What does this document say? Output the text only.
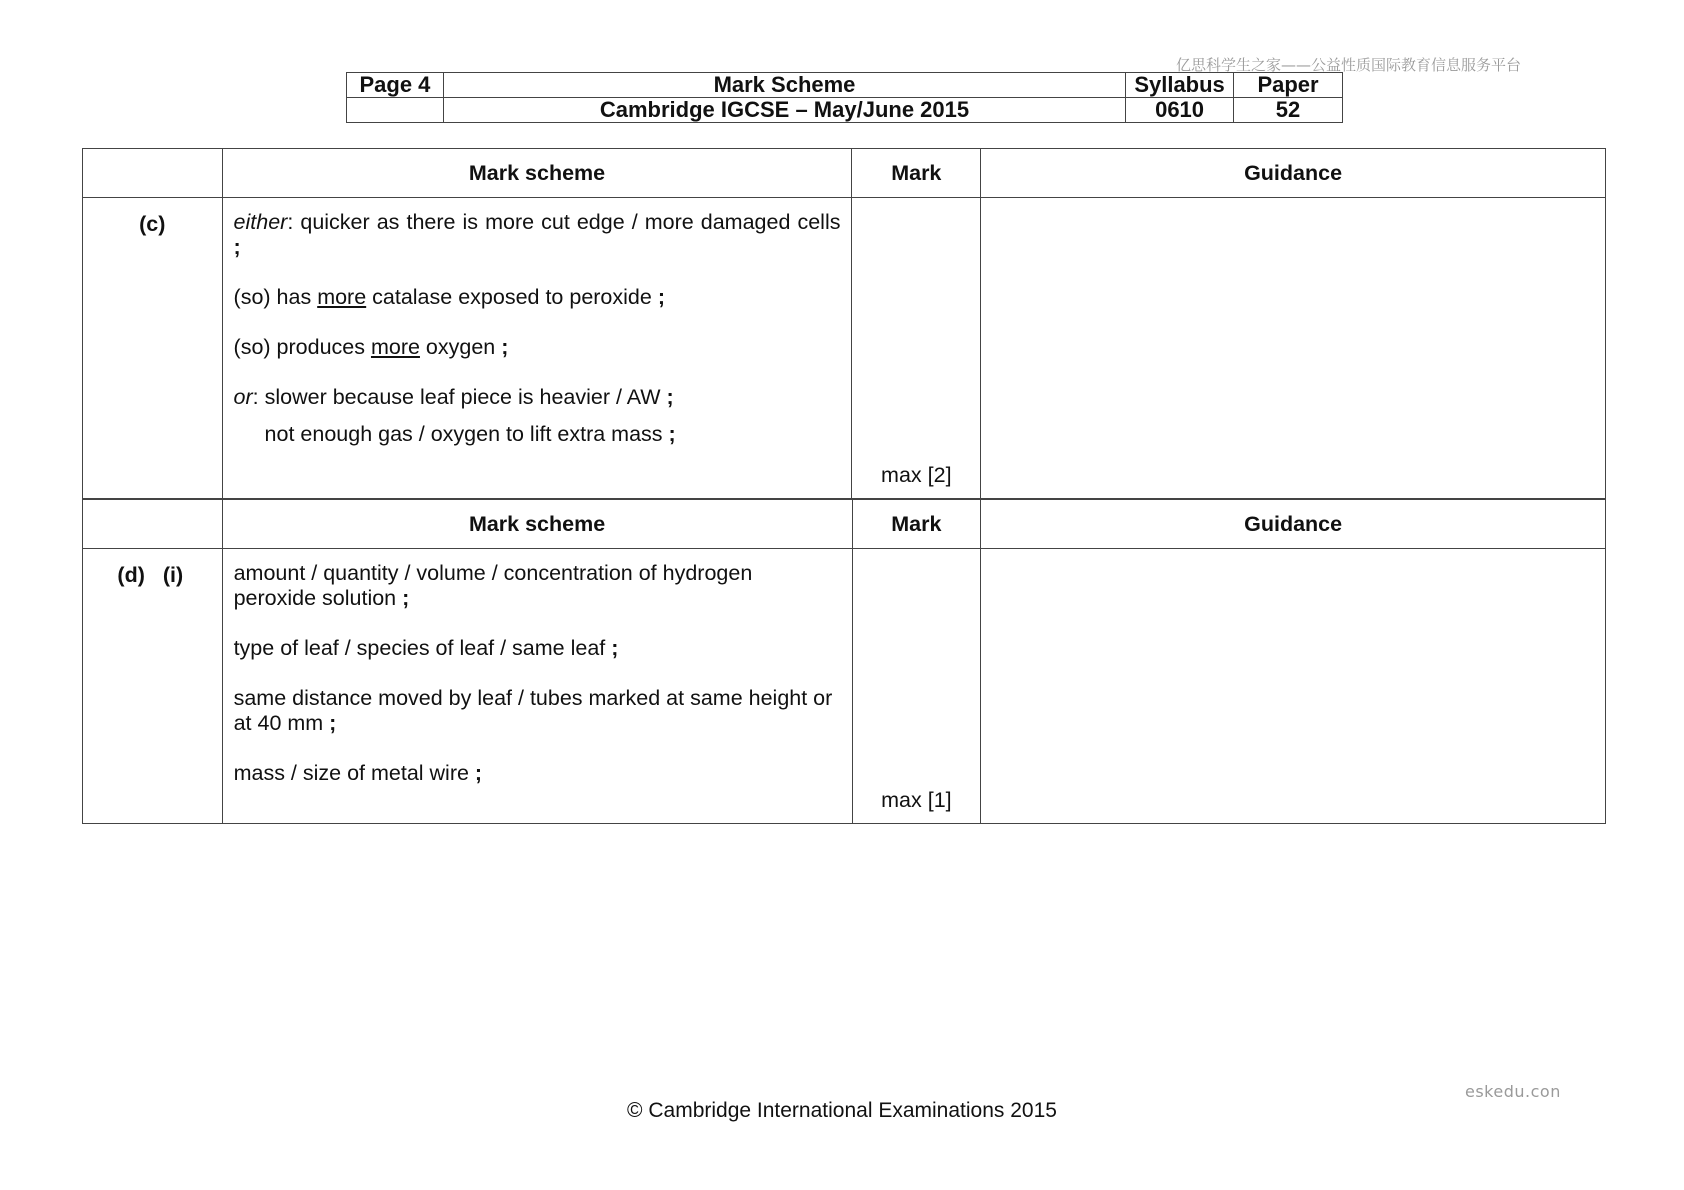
亿思科学生之家——公益性质国际教育信息服务平台
Page 4	Mark Scheme	Syllabus	Paper
	Cambridge IGCSE – May/June 2015	0610	52
	Mark scheme	Mark	Guidance
(c)	either: quicker as there is more cut edge / more damaged cells ;

(so) has more catalase exposed to peroxide ;

(so) produces more oxygen ;

or: slower because leaf piece is heavier / AW ;

not enough gas / oxygen to lift extra mass ;	max [2]	
	Mark scheme	Mark	Guidance
(d) (i)	amount / quantity / volume / concentration of hydrogen peroxide solution ;

type of leaf / species of leaf / same leaf ;

same distance moved by leaf / tubes marked at same height or at 40 mm ;

mass / size of metal wire ;	max [1]	
eskedu.con
© Cambridge International Examinations 2015
